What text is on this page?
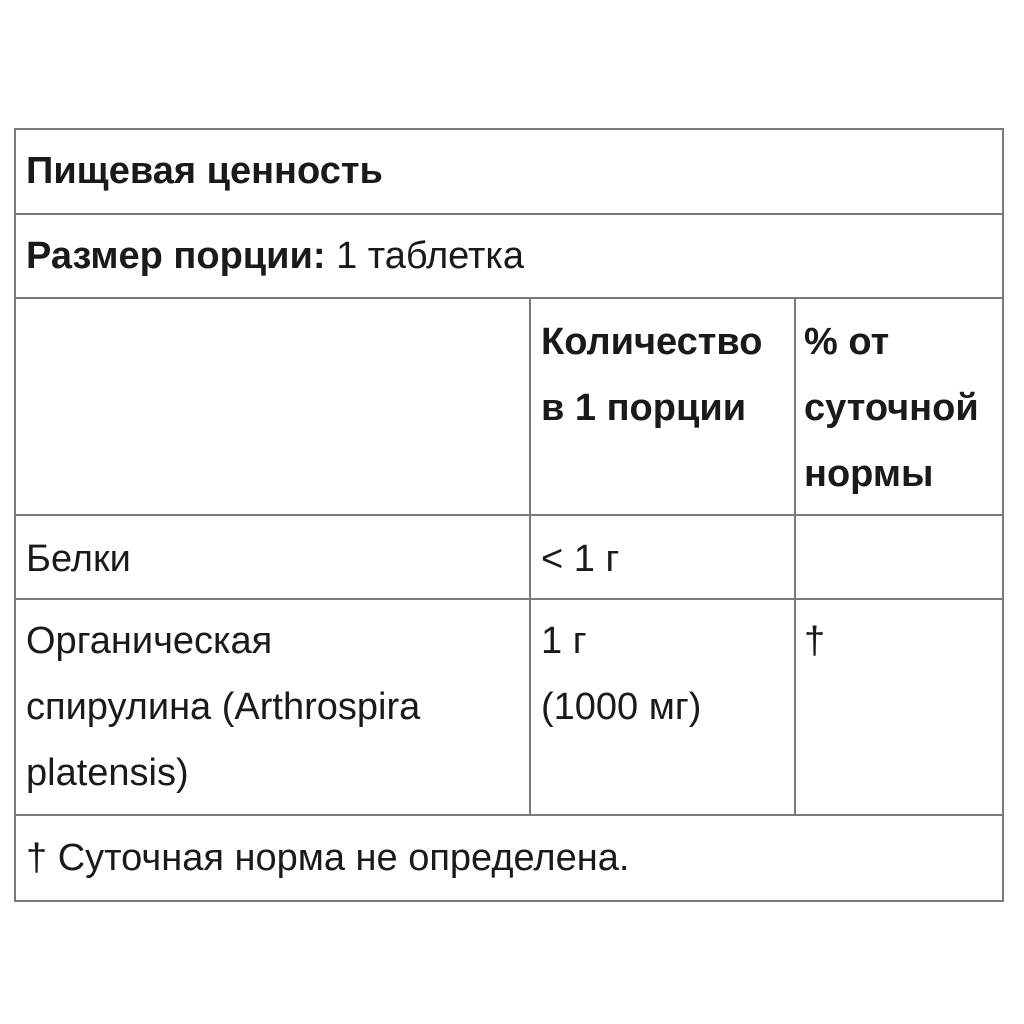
Пищевая ценность
Размер порции:
1 таблетка
Количество
в 1 порции
% от
суточной
нормы
Белки	< 1 г
Органическая
спирулина (Arthrospira
platensis)
1 г
(1000 мг)
†
† Суточная норма не определена.
